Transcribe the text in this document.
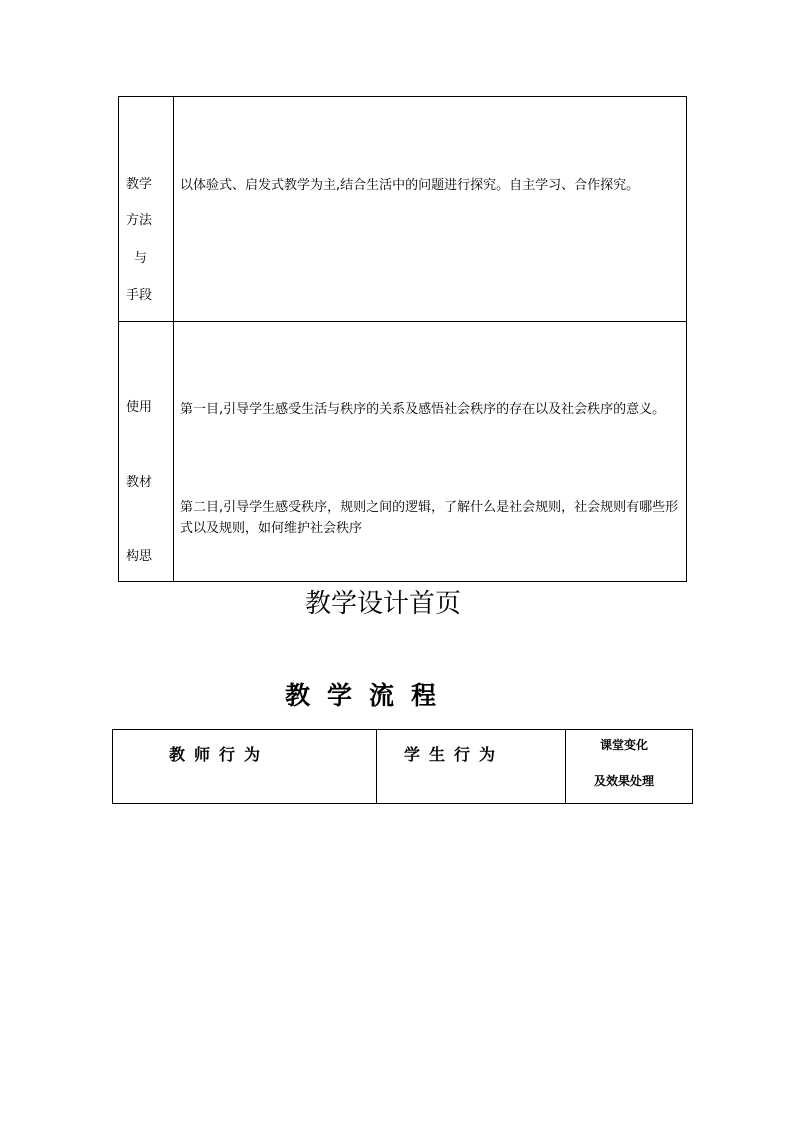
教学
方法
与
手段
以体验式、启发式教学为主,结合生活中的问题进行探究。自主学习、合作探究。
使用
教材
构思
第一目,引导学生感受生活与秩序的关系及感悟社会秩序的存在以及社会秩序的意义。
第二目,引导学生感受秩序，规则之间的逻辑，了解什么是社会规则，社会规则有哪些形式以及规则，如何维护社会秩序
教学设计首页
教学流程
教师行为	学生行为	课堂变化
及效果处理
